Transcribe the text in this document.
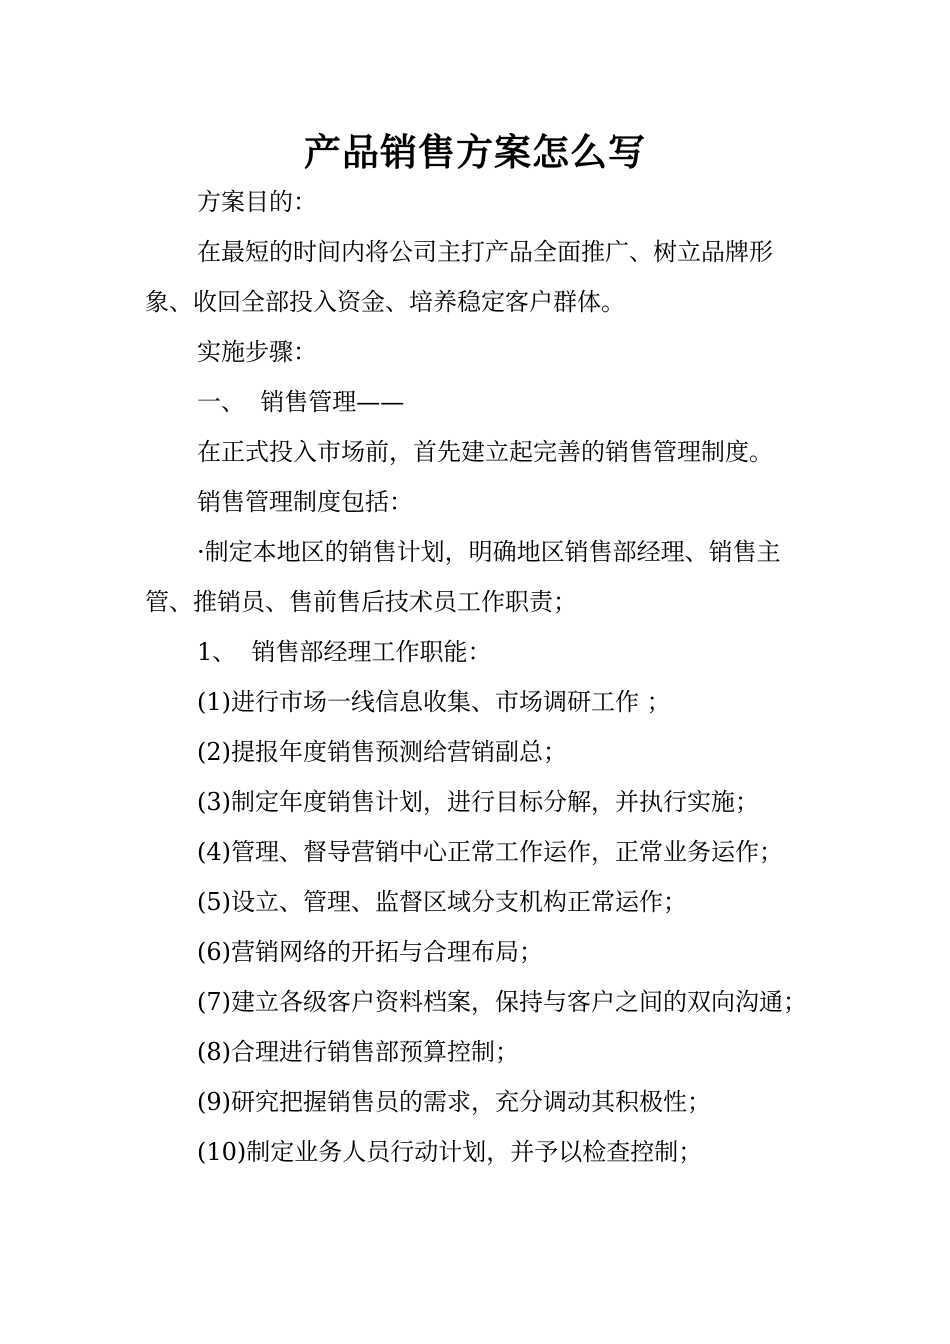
产品销售方案怎么写

方案目的：

在最短的时间内将公司主打产品全面推广、树立品牌形象、收回全部投入资金、培养稳定客户群体。

实施步骤：

一、  销售管理——

在正式投入市场前，首先建立起完善的销售管理制度。

销售管理制度包括：

·制定本地区的销售计划，明确地区销售部经理、销售主管、推销员、售前售后技术员工作职责；

1、  销售部经理工作职能：

(1)进行市场一线信息收集、市场调研工作 ；

(2)提报年度销售预测给营销副总；

(3)制定年度销售计划，进行目标分解，并执行实施；

(4)管理、督导营销中心正常工作运作，正常业务运作；

(5)设立、管理、监督区域分支机构正常运作；

(6)营销网络的开拓与合理布局；

(7)建立各级客户资料档案，保持与客户之间的双向沟通；

(8)合理进行销售部预算控制；

(9)研究把握销售员的需求，充分调动其积极性；

(10)制定业务人员行动计划，并予以检查控制；
